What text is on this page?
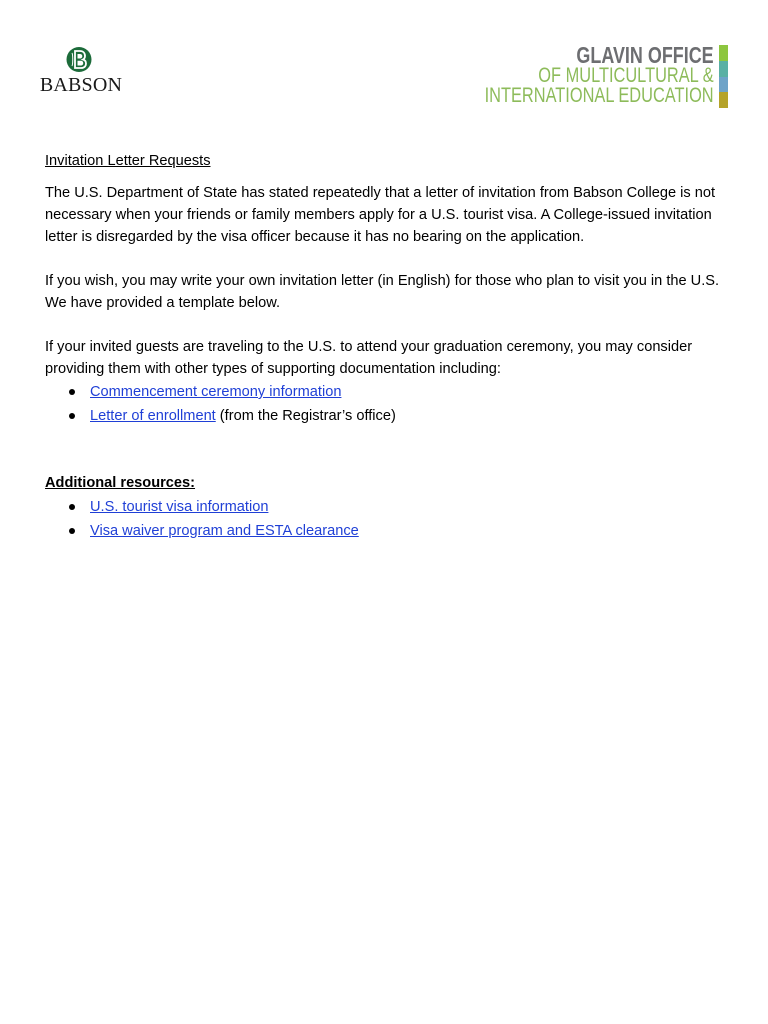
BABSON
GLAVIN OFFICE
OF MULTICULTURAL &
INTERNATIONAL EDUCATION
Invitation Letter Requests

The U.S. Department of State has stated repeatedly that a letter of invitation from Babson College is not necessary when your friends or family members apply for a U.S. tourist visa. A College-issued invitation letter is disregarded by the visa officer because it has no bearing on the application.

If you wish, you may write your own invitation letter (in English) for those who plan to visit you in the U.S. We have provided a template below.

If your invited guests are traveling to the U.S. to attend your graduation ceremony, you may consider providing them with other types of supporting documentation including:

Commencement ceremony information
Letter of enrollment (from the Registrar’s office)
Additional resources:
U.S. tourist visa information
Visa waiver program and ESTA clearance
